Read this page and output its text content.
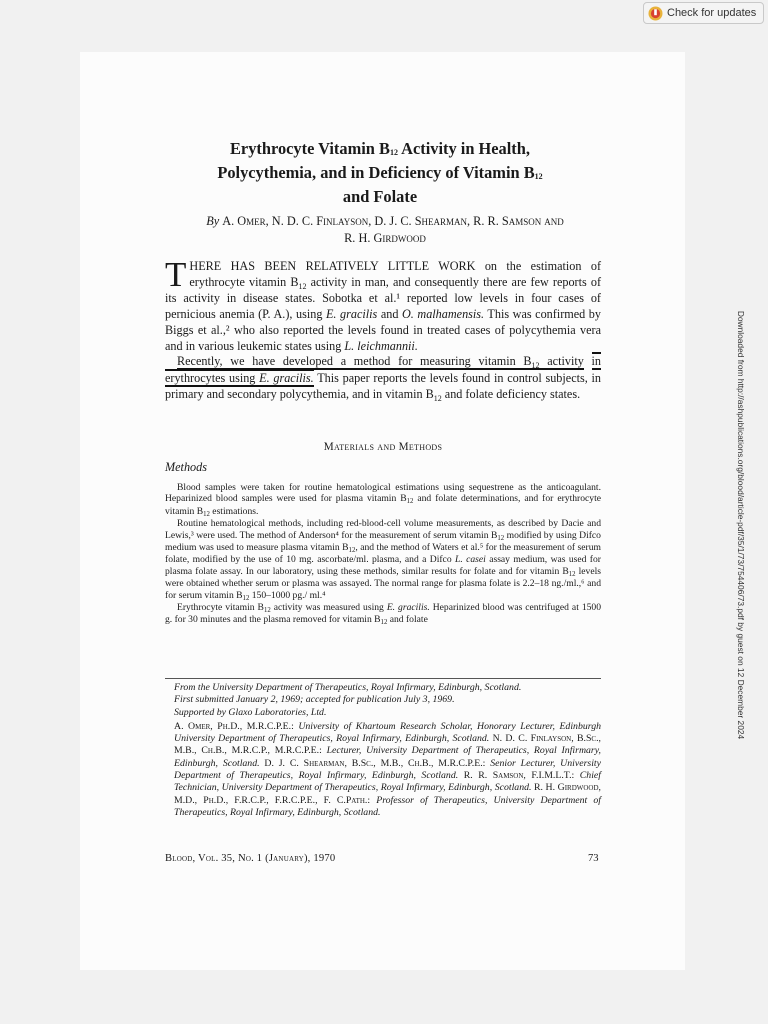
Check for updates
Downloaded from http://ashpublications.org/blood/article-pdf/35/1/73/754406/73.pdf by guest on 12 December 2024
Erythrocyte Vitamin $B_{12}$ Activity in Health,
Polycythemia, and in Deficiency of Vitamin $B_{12}$
and Folate
By A. Omer, N. D. C. Finlayson, D. J. C. Shearman, R. R. Samson and
R. H. Girdwood
THERE HAS BEEN RELATIVELY LITTLE WORK on the estimation of erythrocyte vitamin $B_{12}$ activity in man, and consequently there are few reports of its activity in disease states. Sobotka et al.¹ reported low levels in four cases of pernicious anemia (P. A.), using E. gracilis and O. malhamensis. This was confirmed by Biggs et al.,² who also reported the levels found in treated cases of polycythemia vera and in various leukemic states using L. leichmannii.
Recently, we have developed a method for measuring vitamin $B_{12}$ activity in erythrocytes using E. gracilis. This paper reports the levels found in control subjects, in primary and secondary polycythemia, and in vitamin $B_{12}$ and folate deficiency states.
Materials and Methods
Methods

Blood samples were taken for routine hematological estimations using sequestrene as the anticoagulant. Heparinized blood samples were used for plasma vitamin $B_{12}$ and folate determinations, and for erythrocyte vitamin $B_{12}$ estimations.

Routine hematological methods, including red-blood-cell volume measurements, as described by Dacie and Lewis,³ were used. The method of Anderson⁴ for the measurement of serum vitamin $B_{12}$ modified by using Difco medium was used to measure plasma vitamin $B_{12}$, and the method of Waters et al.⁵ for the measurement of serum folate, modified by the use of 10 mg. ascorbate/ml. plasma, and a Difco L. casei assay medium, was used for plasma folate assay. In our laboratory, using these methods, similar results for folate and for vitamin $B_{12}$ levels were obtained whether serum or plasma was assayed. The normal range for plasma folate is 2.2–18 ng./ml.,⁶ and for serum vitamin $B_{12}$ 150–1000 pg./ ml.⁴

Erythrocyte vitamin $B_{12}$ activity was measured using E. gracilis. Heparinized blood was centrifuged at 1500 g. for 30 minutes and the plasma removed for vitamin $B_{12}$ and folate

From the University Department of Therapeutics, Royal Infirmary, Edinburgh, Scotland.

First submitted January 2, 1969; accepted for publication July 3, 1969.

Supported by Glaxo Laboratories, Ltd.

A. Omer, Ph.D., M.R.C.P.E.: University of Khartoum Research Scholar, Honorary Lecturer, Edinburgh University Department of Therapeutics, Royal Infirmary, Edinburgh, Scotland. N. D. C. Finlayson, B.Sc., M.B., Ch.B., M.R.C.P., M.R.C.P.E.: Lecturer, University Department of Therapeutics, Royal Infirmary, Edinburgh, Scotland. D. J. C. Shearman, B.Sc., M.B., Ch.B., M.R.C.P.E.: Senior Lecturer, University Department of Therapeutics, Royal Infirmary, Edinburgh, Scotland. R. R. Samson, F.I.M.L.T.: Chief Technician, University Department of Therapeutics, Royal Infirmary, Edinburgh, Scotland. R. H. Girdwood, M.D., Ph.D., F.R.C.P., F.R.C.P.E., F. C.Path.: Professor of Therapeutics, University Department of Therapeutics, Royal Infirmary, Edinburgh, Scotland.

Blood, Vol. 35, No. 1 (January), 1970	73
